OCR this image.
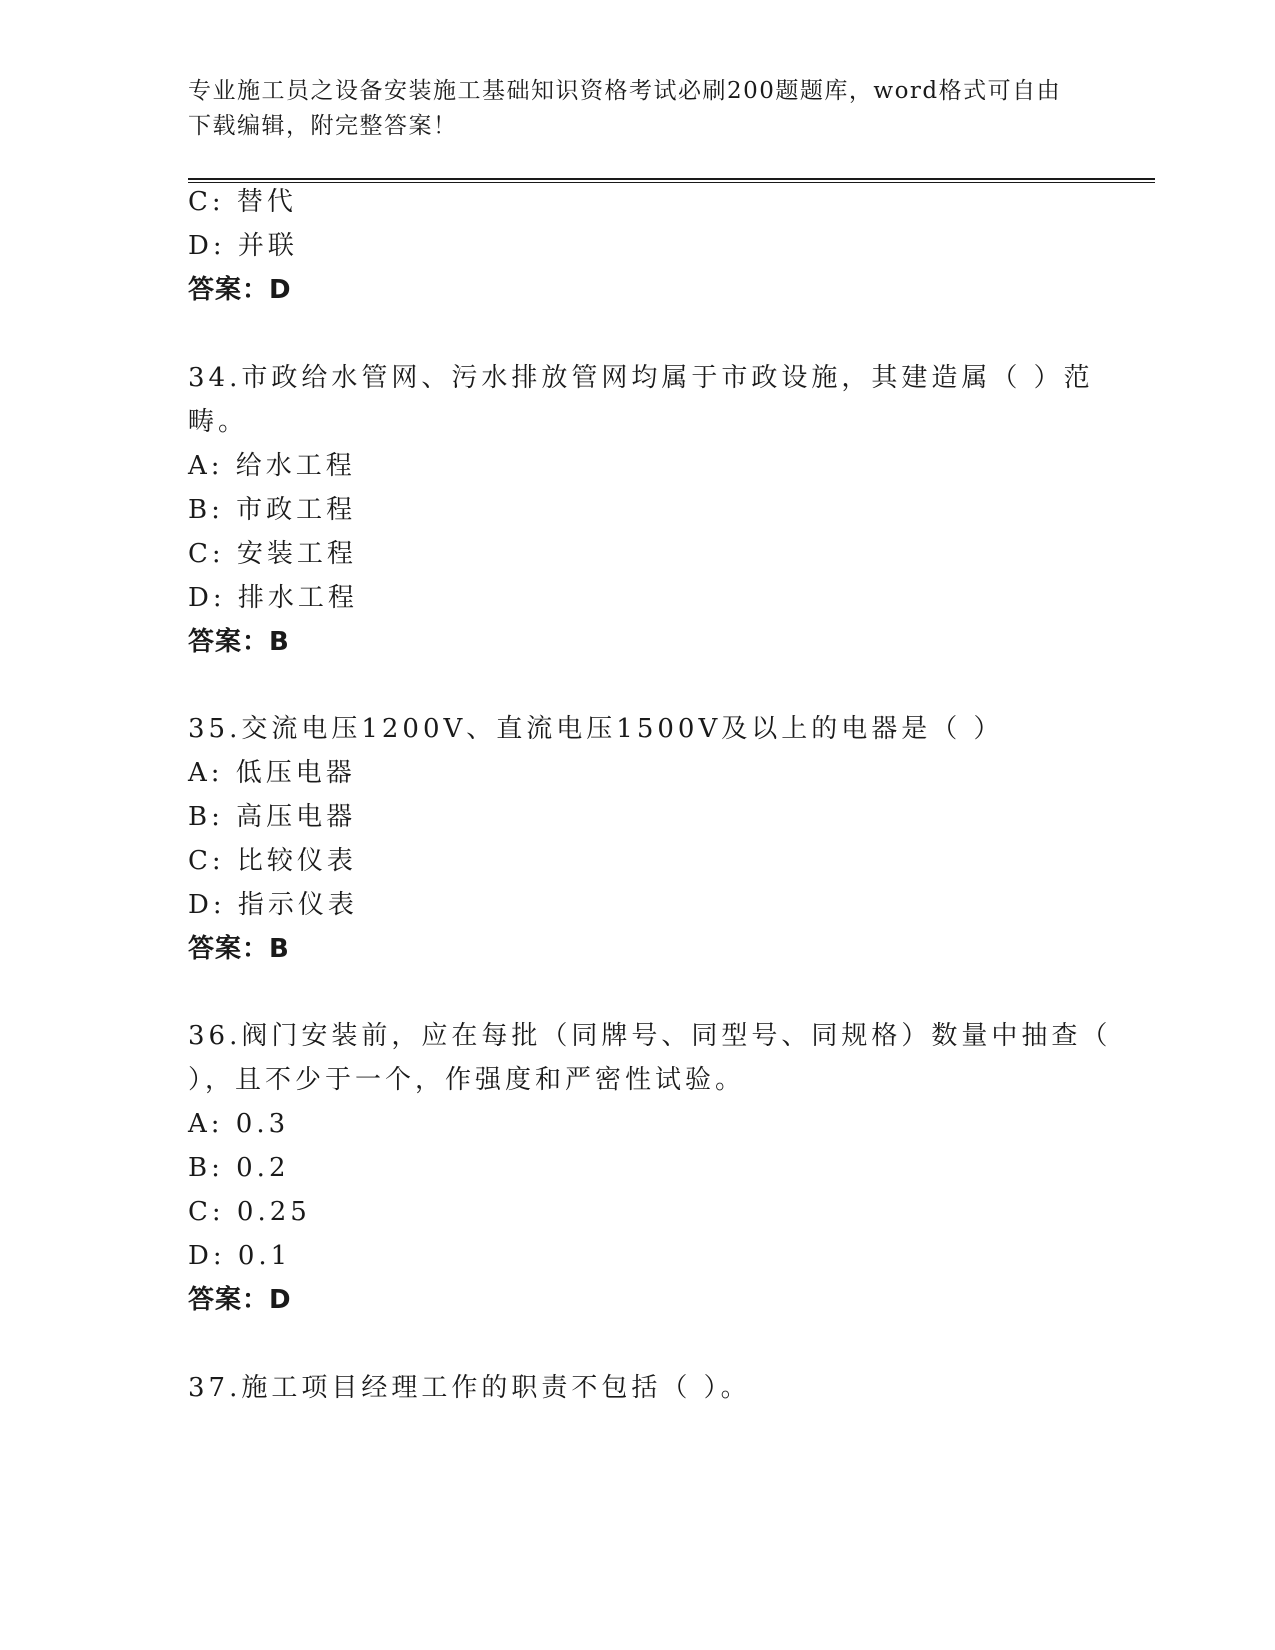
专业施工员之设备安装施工基础知识资格考试必刷200题题库，word格式可自由
下载编辑，附完整答案！
C: 替代
D: 并联
答案：D
34.市政给水管网、污水排放管网均属于市政设施，其建造属（ ）范
畴。
A: 给水工程
B: 市政工程
C: 安装工程
D: 排水工程
答案：B
35.交流电压1200V、直流电压1500V及以上的电器是（ ）
A: 低压电器
B: 高压电器
C: 比较仪表
D: 指示仪表
答案：B
36.阀门安装前，应在每批（同牌号、同型号、同规格）数量中抽查（
），且不少于一个，作强度和严密性试验。
A: 0.3
B: 0.2
C: 0.25
D: 0.1
答案：D
37.施工项目经理工作的职责不包括（ ）。
